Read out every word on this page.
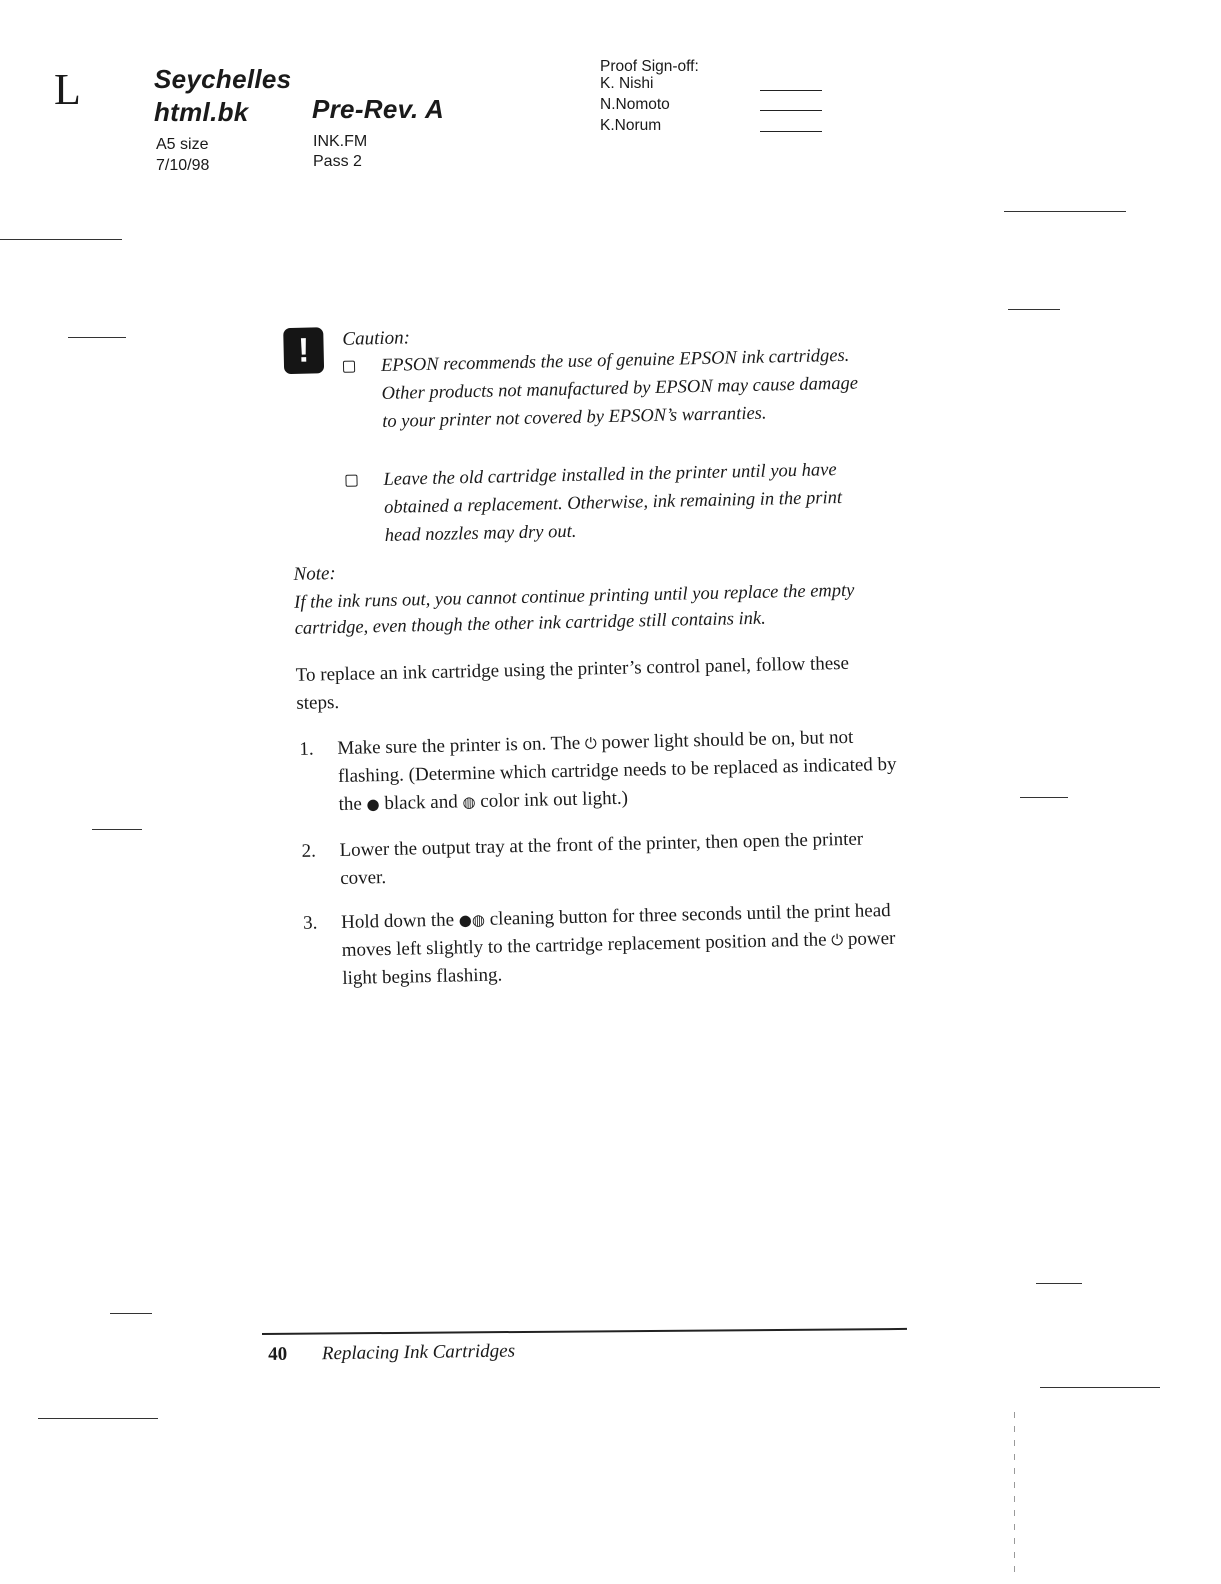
L	Seychelles
html.bk Pre-Rev. A
A5 size
7/10/98
INK.FM
Pass 2
Proof Sign-off:
K. Nishi
N.Nomoto
K.Norum
!	Caution:
EPSON recommends the use of genuine EPSON ink cartridges. Other products not manufactured by EPSON may cause damage to your printer not covered by EPSON’s warranties.
Leave the old cartridge installed in the printer until you have obtained a replacement. Otherwise, ink remaining in the print head nozzles may dry out.
Note:
If the ink runs out, you cannot continue printing until you replace the empty cartridge, even though the other ink cartridge still contains ink.
To replace an ink cartridge using the printer’s control panel, follow these steps.
1. Make sure the printer is on. The ⏻ power light should be on, but not flashing. (Determine which cartridge needs to be replaced as indicated by the ● black and ◍ color ink out light.)
2. Lower the output tray at the front of the printer, then open the printer cover.
3. Hold down the ●◍ cleaning button for three seconds until the print head moves left slightly to the cartridge replacement position and the ⏻ power light begins flashing.
40 Replacing Ink Cartridges
